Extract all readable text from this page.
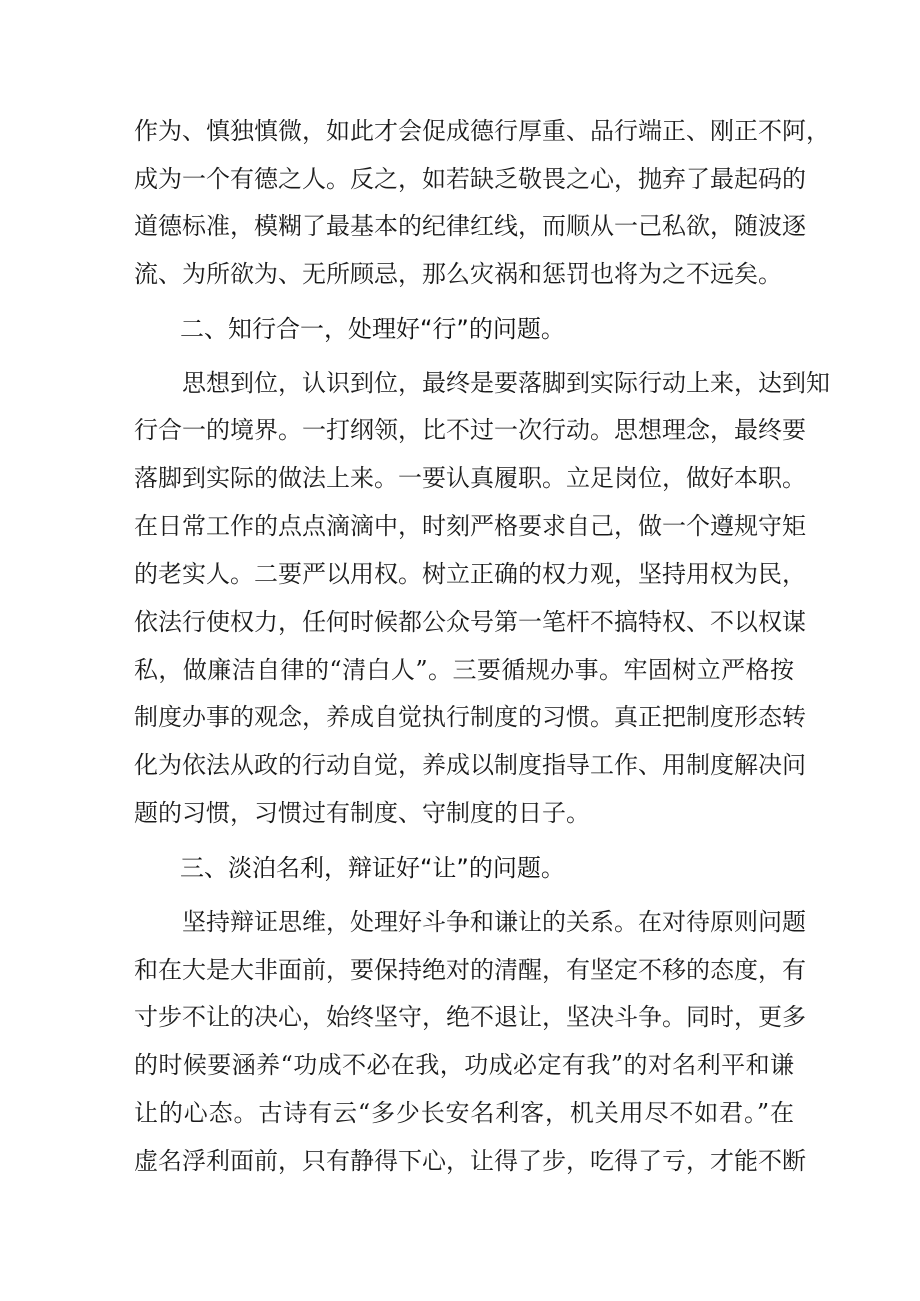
作为、慎独慎微，如此才会促成德行厚重、品行端正、刚正不阿，
成为一个有德之人。反之，如若缺乏敬畏之心，抛弃了最起码的
道德标准，模糊了最基本的纪律红线，而顺从一己私欲，随波逐
流、为所欲为、无所顾忌，那么灾祸和惩罚也将为之不远矣。
二、知行合一，处理好“行”的问题。
思想到位，认识到位，最终是要落脚到实际行动上来，达到知
行合一的境界。一打纲领，比不过一次行动。思想理念，最终要
落脚到实际的做法上来。一要认真履职。立足岗位，做好本职。
在日常工作的点点滴滴中，时刻严格要求自己，做一个遵规守矩
的老实人。二要严以用权。树立正确的权力观，坚持用权为民，
依法行使权力，任何时候都公众号第一笔杆不搞特权、不以权谋
私，做廉洁自律的“清白人”。三要循规办事。牢固树立严格按
制度办事的观念，养成自觉执行制度的习惯。真正把制度形态转
化为依法从政的行动自觉，养成以制度指导工作、用制度解决问
题的习惯，习惯过有制度、守制度的日子。
三、淡泊名利，辩证好“让”的问题。
坚持辩证思维，处理好斗争和谦让的关系。在对待原则问题
和在大是大非面前，要保持绝对的清醒，有坚定不移的态度，有
寸步不让的决心，始终坚守，绝不退让，坚决斗争。同时，更多
的时候要涵养“功成不必在我，功成必定有我”的对名利平和谦
让的心态。古诗有云“多少长安名利客，机关用尽不如君。”在
虚名浮利面前，只有静得下心，让得了步，吃得了亏，才能不断
